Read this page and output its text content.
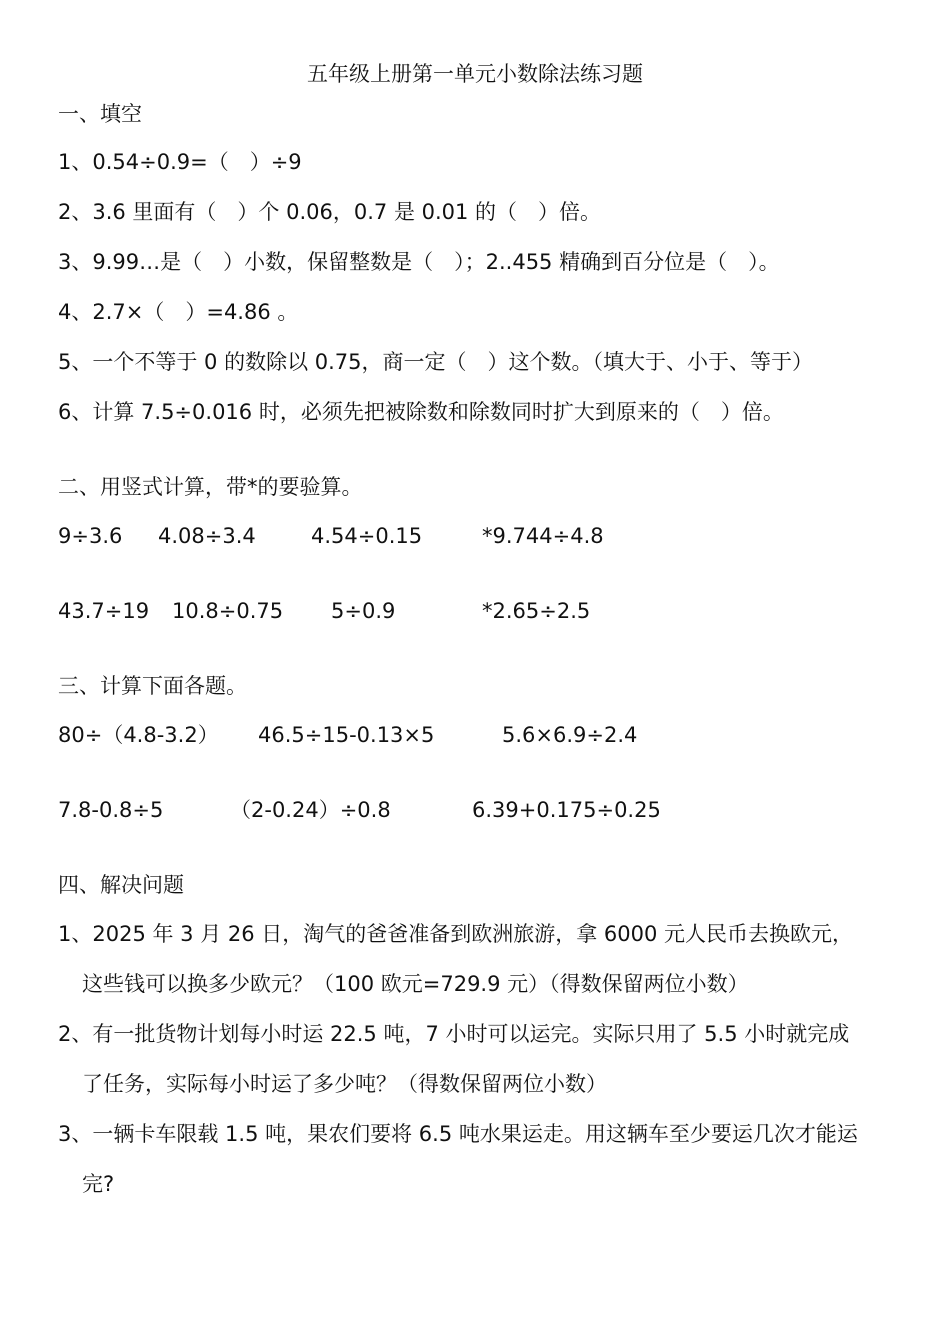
五年级上册第一单元小数除法练习题
一、填空
1、0.54÷0.9=（　）÷9
2、3.6 里面有（　）个 0.06，0.7 是 0.01 的（　）倍。
3、9.99…是（　）小数，保留整数是（　）；2..455 精确到百分位是（　）。
4、2.7×（　）=4.86 。
5、一个不等于 0 的数除以 0.75，商一定（　）这个数。（填大于、小于、等于）
6、计算 7.5÷0.016 时，必须先把被除数和除数同时扩大到原来的（　）倍。
二、用竖式计算，带*的要验算。
9÷3.6 4.08÷3.4	4.54÷0.15	*9.744÷4.8
43.7÷19 10.8÷0.75 5÷0.9	*2.65÷2.5
三、计算下面各题。
80÷（4.8-3.2） 46.5÷15-0.13×5	5.6×6.9÷2.4
7.8-0.8÷5	（2-0.24）÷0.8	6.39+0.175÷0.25
四、解决问题
1、2025 年 3 月 26 日，淘气的爸爸准备到欧洲旅游，拿 6000 元人民币去换欧元，
这些钱可以换多少欧元？（100 欧元=729.9 元）（得数保留两位小数）
2、有一批货物计划每小时运 22.5 吨，7 小时可以运完。实际只用了 5.5 小时就完成
了任务，实际每小时运了多少吨？（得数保留两位小数）
3、一辆卡车限载 1.5 吨，果农们要将 6.5 吨水果运走。用这辆车至少要运几次才能运
完?
